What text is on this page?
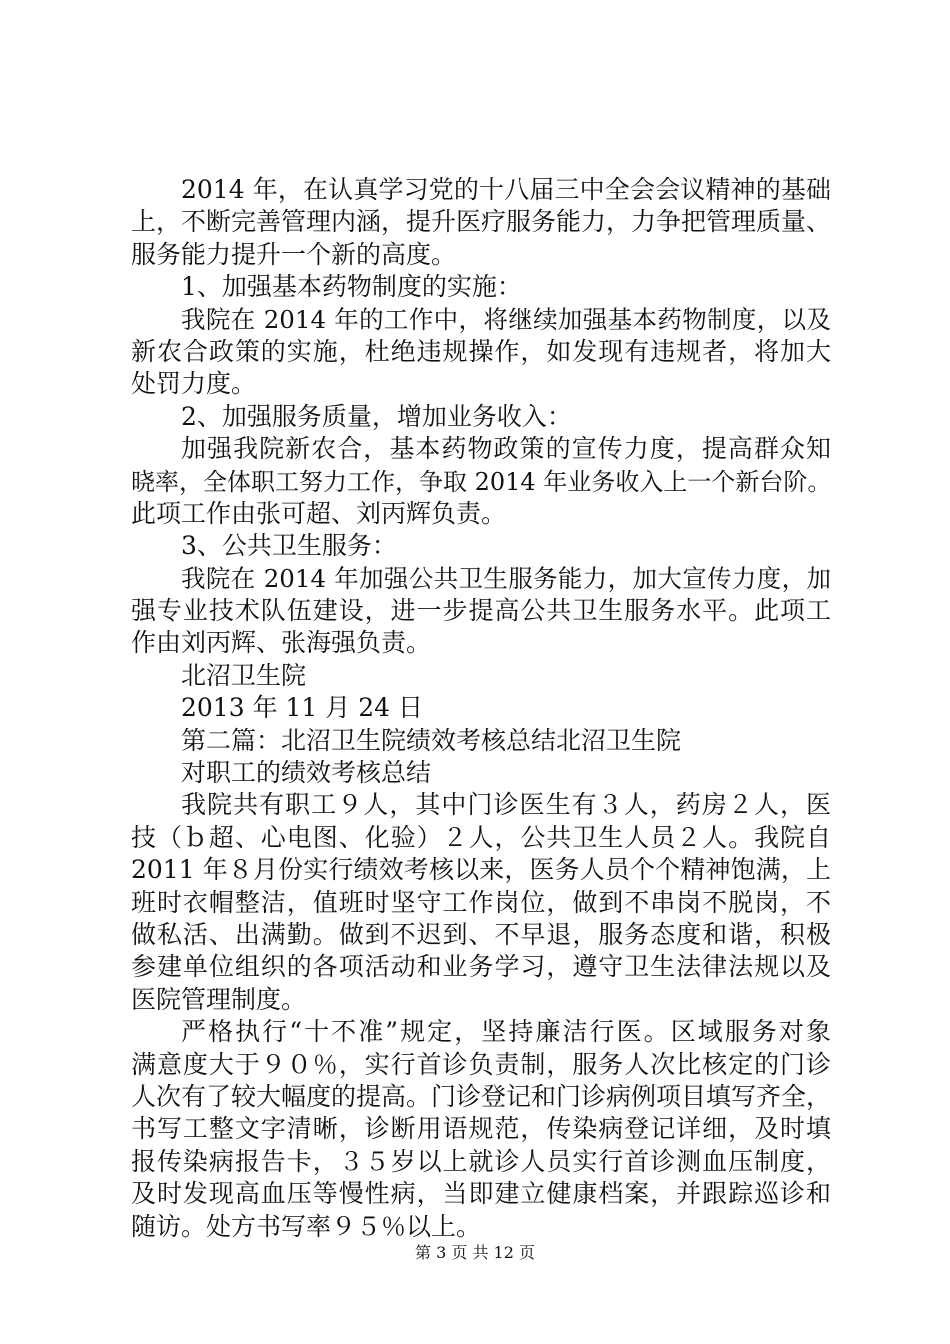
2014 年，在认真学习党的十八届三中全会会议精神的基础
上，不断完善管理内涵，提升医疗服务能力，力争把管理质量、
服务能力提升一个新的高度。
1、加强基本药物制度的实施：
我院在 2014 年的工作中，将继续加强基本药物制度，以及
新农合政策的实施，杜绝违规操作，如发现有违规者，将加大
处罚力度。
2、加强服务质量，增加业务收入：
加强我院新农合，基本药物政策的宣传力度，提高群众知
晓率，全体职工努力工作，争取 2014 年业务收入上一个新台阶。
此项工作由张可超、刘丙辉负责。
3、公共卫生服务：
我院在 2014 年加强公共卫生服务能力，加大宣传力度，加
强专业技术队伍建设，进一步提高公共卫生服务水平。此项工
作由刘丙辉、张海强负责。
北沼卫生院
2013 年 11 月 24 日
第二篇：北沼卫生院绩效考核总结北沼卫生院
对职工的绩效考核总结
我院共有职工９人，其中门诊医生有３人，药房２人，医
技（ｂ超、心电图、化验）２人，公共卫生人员２人。我院自
2011 年８月份实行绩效考核以来，医务人员个个精神饱满，上
班时衣帽整洁，值班时坚守工作岗位，做到不串岗不脱岗，不
做私活、出满勤。做到不迟到、不早退，服务态度和谐，积极
参建单位组织的各项活动和业务学习，遵守卫生法律法规以及
医院管理制度。
严格执行“十不准”规定，坚持廉洁行医。区域服务对象
满意度大于９０％，实行首诊负责制，服务人次比核定的门诊
人次有了较大幅度的提高。门诊登记和门诊病例项目填写齐全，
书写工整文字清晰，诊断用语规范，传染病登记详细，及时填
报传染病报告卡，３５岁以上就诊人员实行首诊测血压制度，
及时发现高血压等慢性病，当即建立健康档案，并跟踪巡诊和
随访。处方书写率９５％以上。
第 3 页 共 12 页
